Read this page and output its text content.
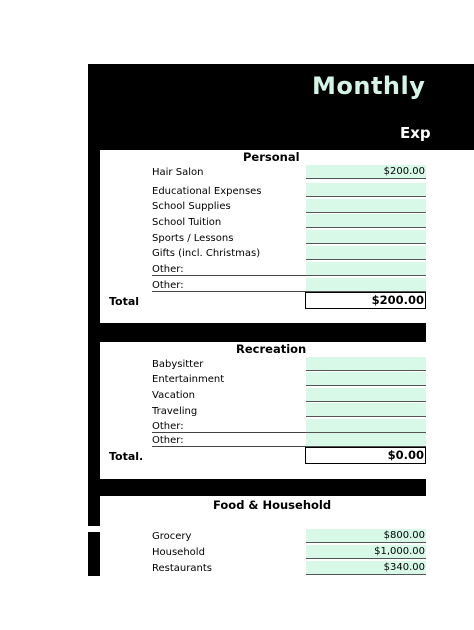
Monthly
Exp
Personal
Hair Salon	$200.00
Educational Expenses
School Supplies
School Tuition
Sports / Lessons
Gifts (incl. Christmas)
Other:
Other:
Total	$200.00
Recreation
Babysitter
Entertainment
Vacation
Traveling
Other:
Other:
Total.	$0.00
Food & Household
Grocery	$800.00
Household	$1,000.00
Restaurants	$340.00
